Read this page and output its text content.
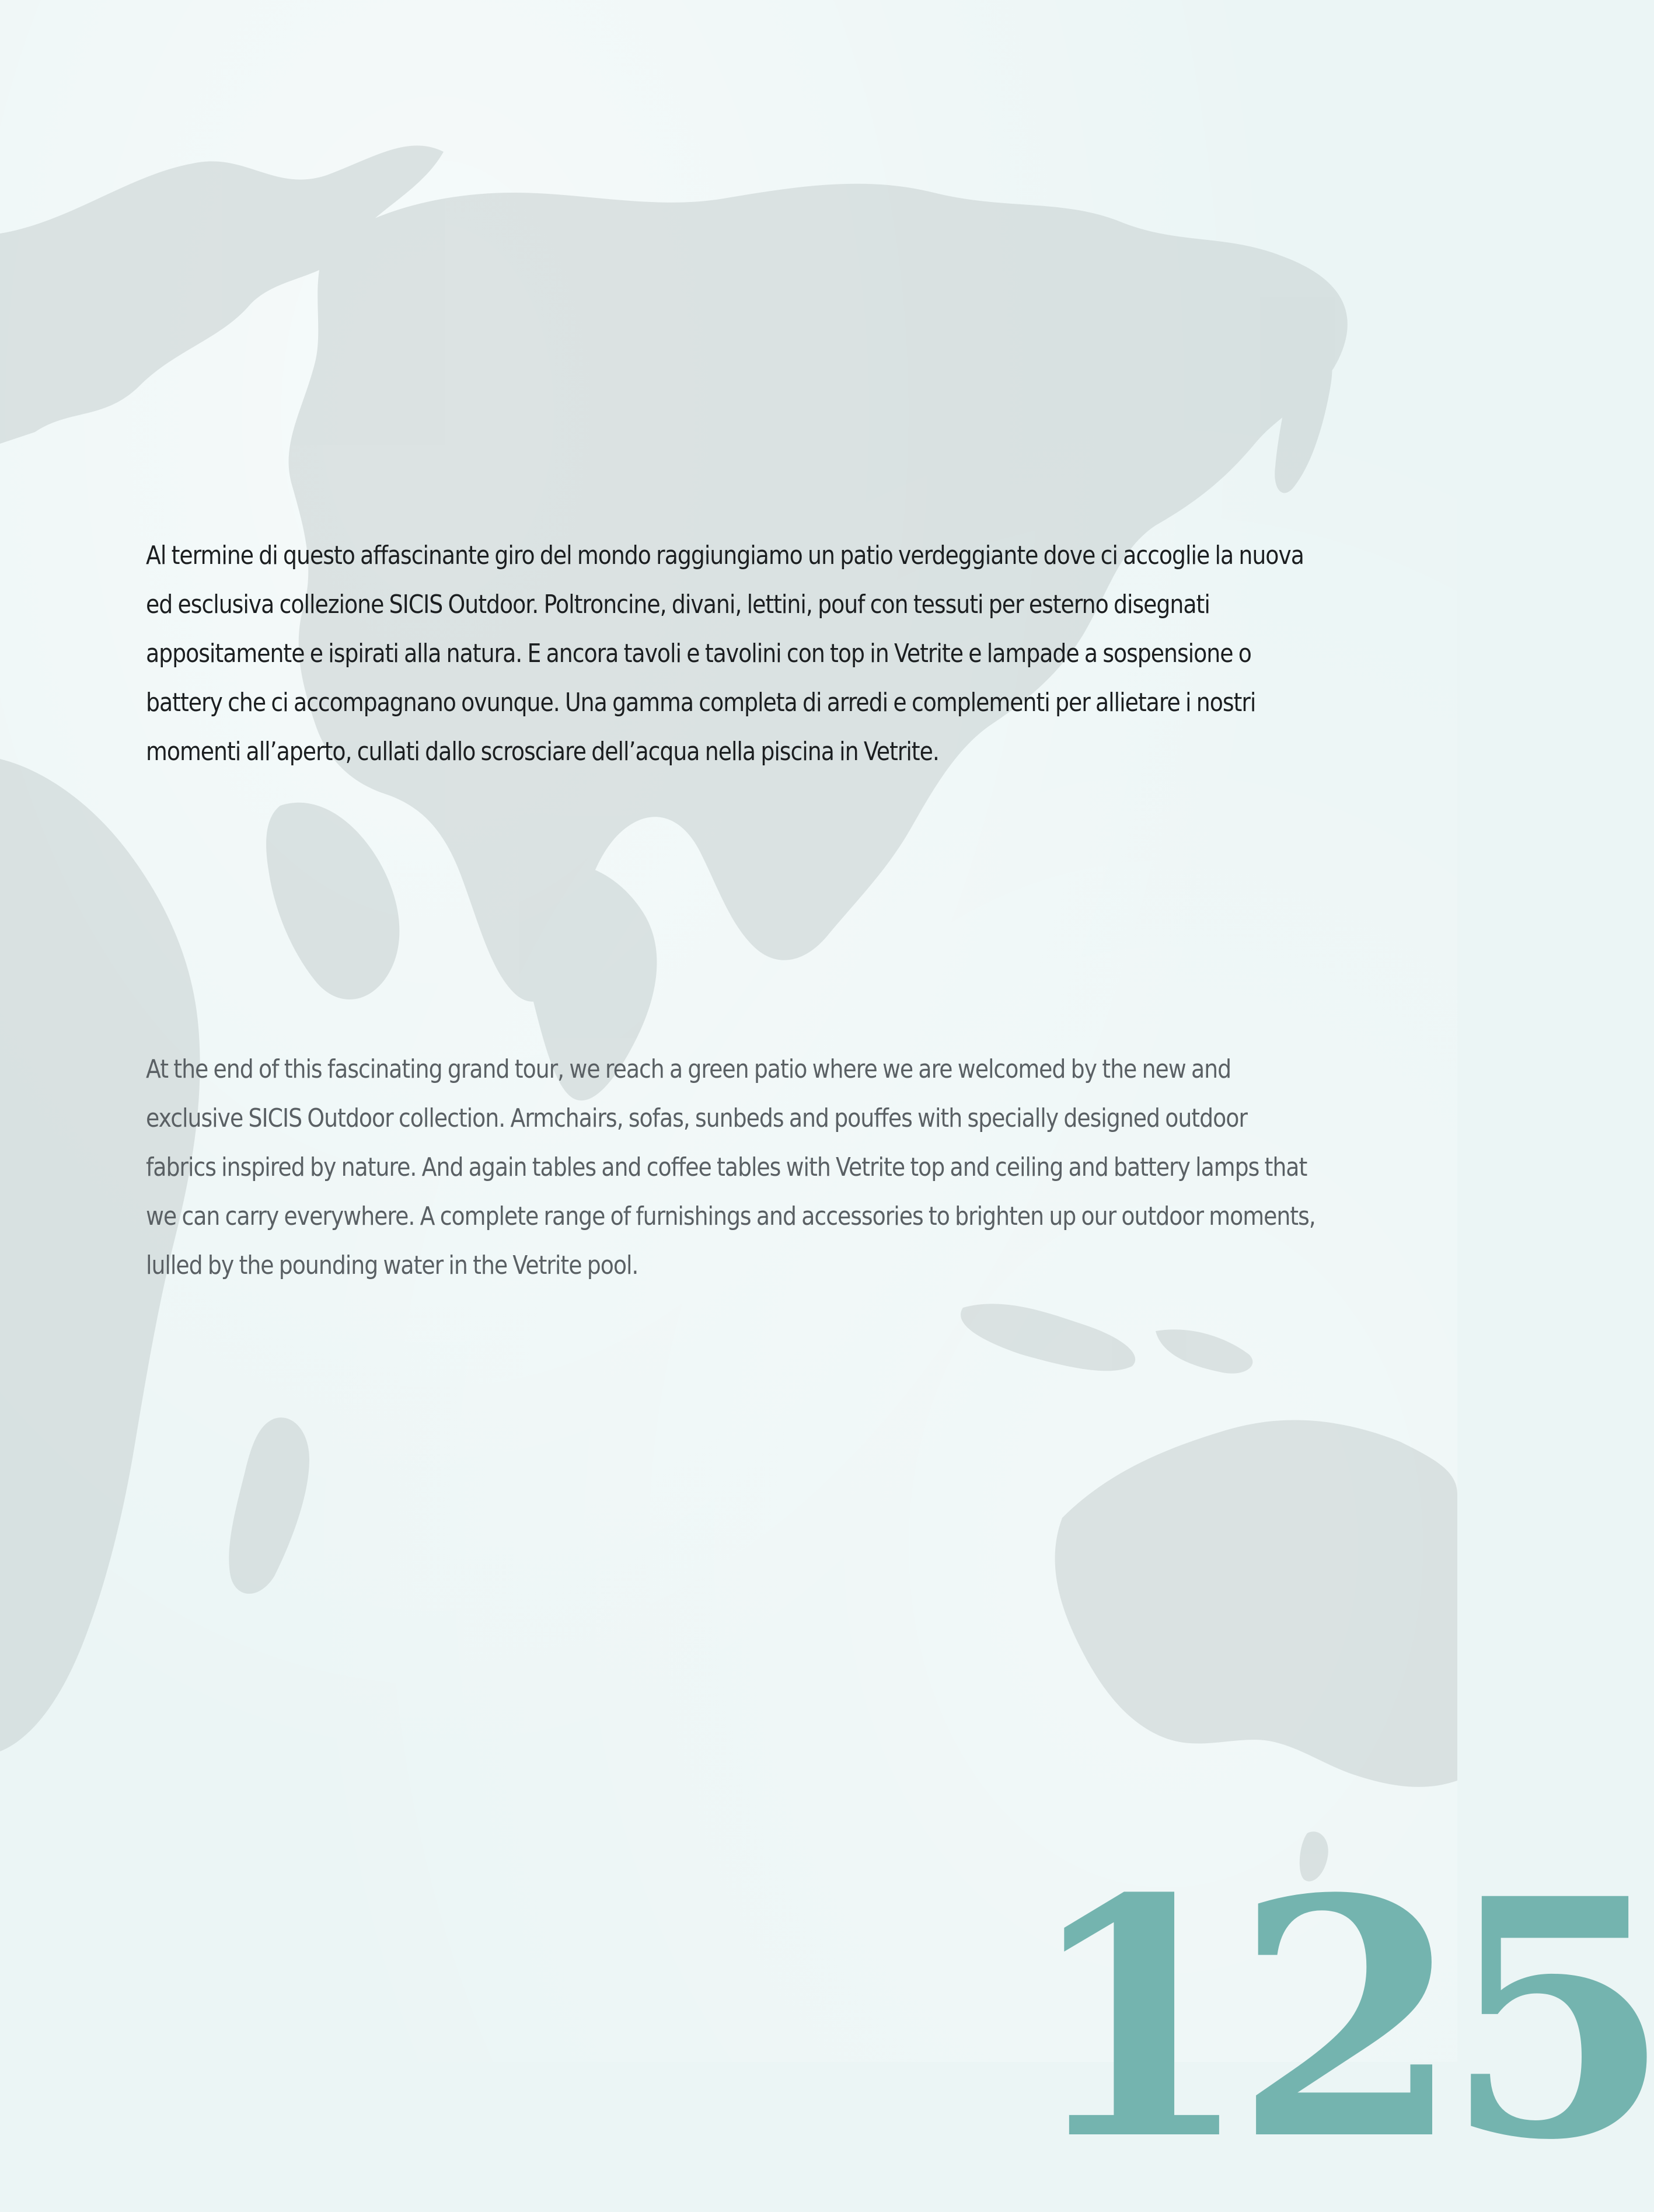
Al termine di questo affascinante giro del mondo raggiungiamo un patio verdeggiante dove ci accoglie la nuova ed esclusiva collezione SICIS Outdoor. Poltroncine, divani, lettini, pouf con tessuti per esterno disegnati appositamente e ispirati alla natura. E ancora tavoli e tavolini con top in Vetrite e lampade a sospensione o battery che ci accompagnano ovunque. Una gamma completa di arredi e complementi per allietare i nostri momenti all’aperto, cullati dallo scrosciare dell’acqua nella piscina in Vetrite.

At the end of this fascinating grand tour, we reach a green patio where we are welcomed by the new and exclusive SICIS Outdoor collection. Armchairs, sofas, sunbeds and pouffes with specially designed outdoor fabrics inspired by nature. And again tables and coffee tables with Vetrite top and ceiling and battery lamps that we can carry everywhere. A complete range of furnishings and accessories to brighten up our outdoor moments, lulled by the pounding water in the Vetrite pool.

125
